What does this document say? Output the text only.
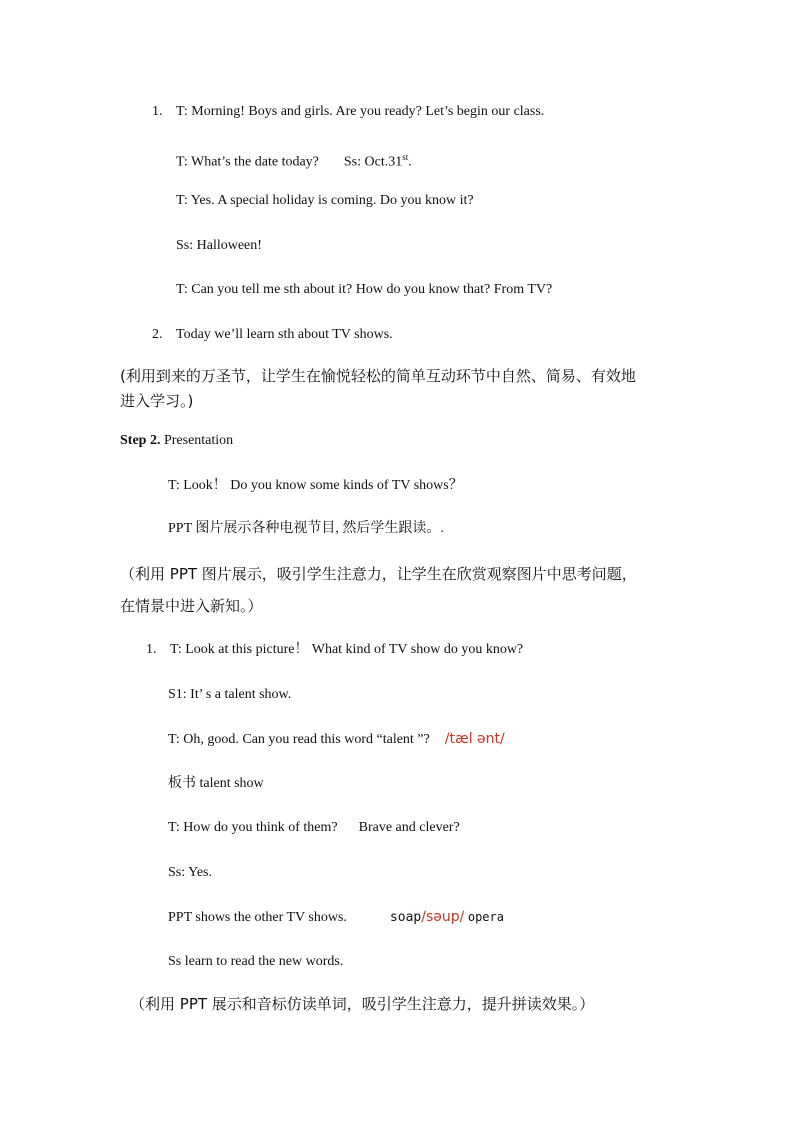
1. T: Morning! Boys and girls. Are you ready? Let’s begin our class.
T: What’s the date today? Ss: Oct.31st.
T: Yes. A special holiday is coming. Do you know it?
Ss: Halloween!
T: Can you tell me sth about it? How do you know that? From TV?
2. Today we’ll learn sth about TV shows.
(利用到来的万圣节，让学生在愉悦轻松的简单互动环节中自然、简易、有效地
进入学习。)
Step 2. Presentation
T: Look！ Do you know some kinds of TV shows？
PPT 图片展示各种电视节目, 然后学生跟读。.
（利用 PPT 图片展示，吸引学生注意力，让学生在欣赏观察图片中思考问题，
在情景中进入新知。）
1. T: Look at this picture！ What kind of TV show do you know?
S1: It’ s a talent show.
T: Oh, good. Can you read this word “talent ”? /tæl ənt/
板书 talent show
T: How do you think of them? Brave and clever?
Ss: Yes.
PPT shows the other TV shows.	soap/səup/ opera
Ss learn to read the new words.
（利用 PPT 展示和音标仿读单词，吸引学生注意力，提升拼读效果。）
